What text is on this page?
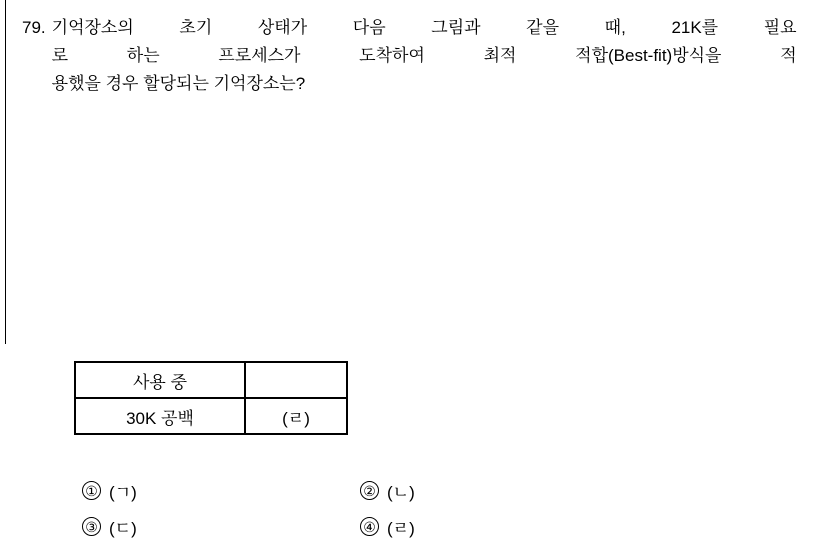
79. 기억장소의	초기	상태가	다음	그림과	같을	때,	21K를	필요
로	하는	프로세스가	도착하여	최적	적합(Best-fit)방식을	적
용했을 경우 할당되는 기억장소는?
사용 중	
30K 공백	(ㄹ)
① (ㄱ)	② (ㄴ)
③ (ㄷ)	④ (ㄹ)
